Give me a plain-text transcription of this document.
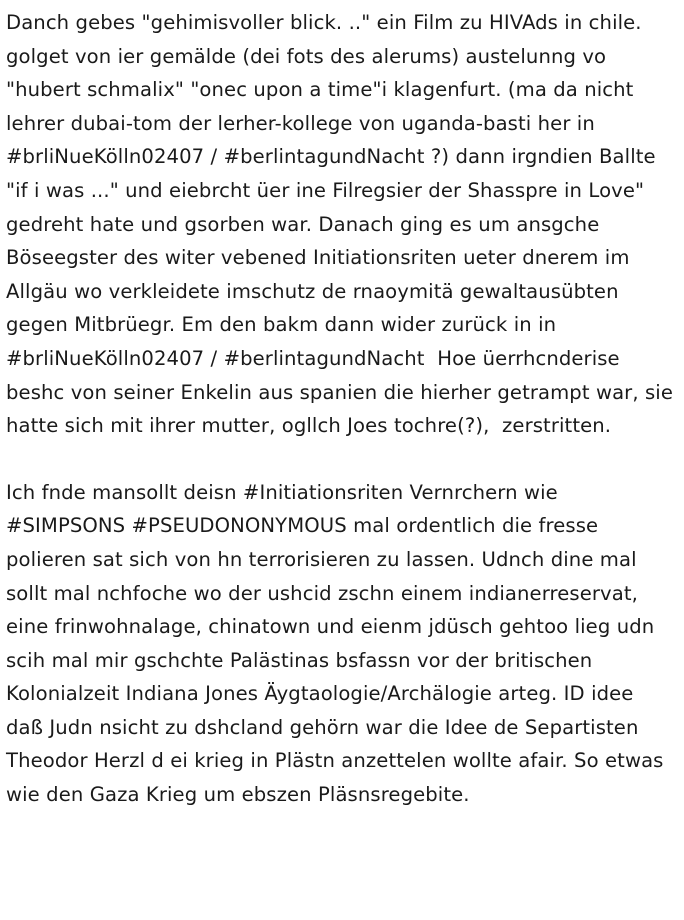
Danch gebes "gehimisvoller blick. .." ein Film zu HIVAds in chile. golget von ier gemälde (dei fots des alerums) austelunng vo "hubert schmalix" "onec upon a time"i klagenfurt. (ma da nicht lehrer dubai-tom der lerher-kollege von uganda-basti her in #brliNueKölln02407 / #berlintagundNacht ?) dann irgndien Ballte "if i was ..." und eiebrcht üer ine Filregsier der Shasspre in Love" gedreht hate und gsorben war. Danach ging es um ansgche Böseegster des witer vebened Initiationsriten ueter dnerem im Allgäu wo verkleidete imschutz de rnaoymitä gewaltausübten gegen Mitbrüegr. Em den bakm dann wider zurück in in #brliNueKölln02407 / #berlintagundNacht  Hoe üerrhcnderise beshc von seiner Enkelin aus spanien die hierher getrampt war, sie hatte sich mit ihrer mutter, ogllch Joes tochre(?),  zerstritten.

Ich fnde mansollt deisn #Initiationsriten Vernrchern wie #SIMPSONS #PSEUDONONYMOUS mal ordentlich die fresse polieren sat sich von hn terrorisieren zu lassen. Udnch dine mal sollt mal nchfoche wo der ushcid zschn einem indianerreservat, eine frinwohnalage, chinatown und eienm jdüsch gehtoo lieg udn scih mal mir gschchte Palästinas bsfassn vor der britischen Kolonialzeit Indiana Jones Äygtaologie/Archälogie arteg. ID idee daß Judn nsicht zu dshcland gehörn war die Idee de Separtisten Theodor Herzl d ei krieg in Plästn anzettelen wollte afair. So etwas wie den Gaza Krieg um ebszen Pläsnsregebite.
